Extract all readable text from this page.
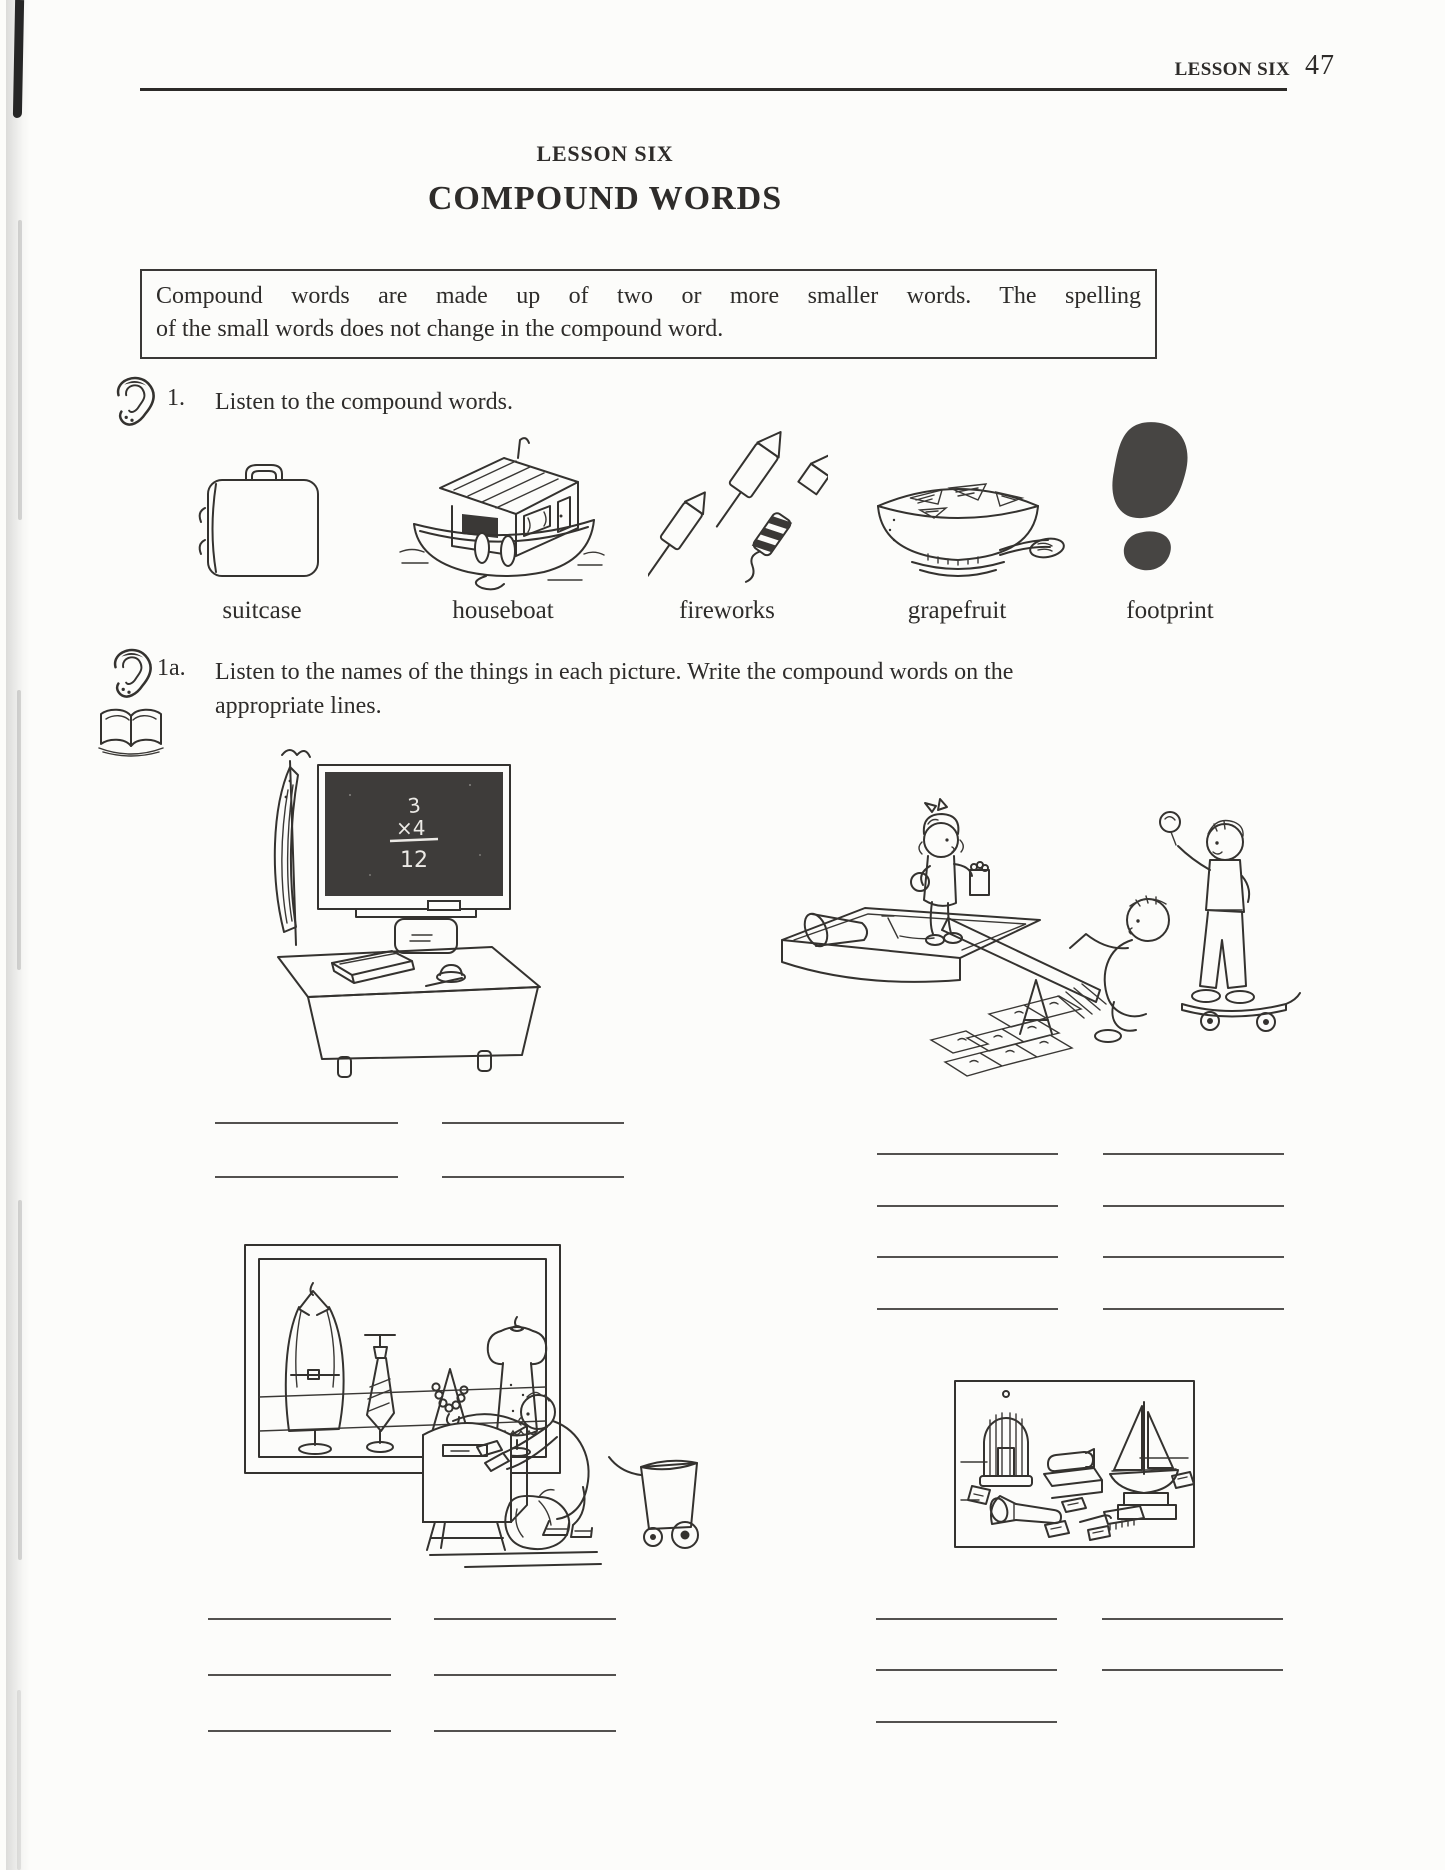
LESSON SIX 47
LESSON SIX
COMPOUND WORDS
Compound words are made up of two or more smaller words. The spelling
of the small words does not change in the compound word.
1. Listen to the compound words.
suitcase	houseboat	fireworks	grapefruit	footprint
1a. Listen to the names of the things in each picture. Write the compound words on the
appropriate lines.
3
×4
12
